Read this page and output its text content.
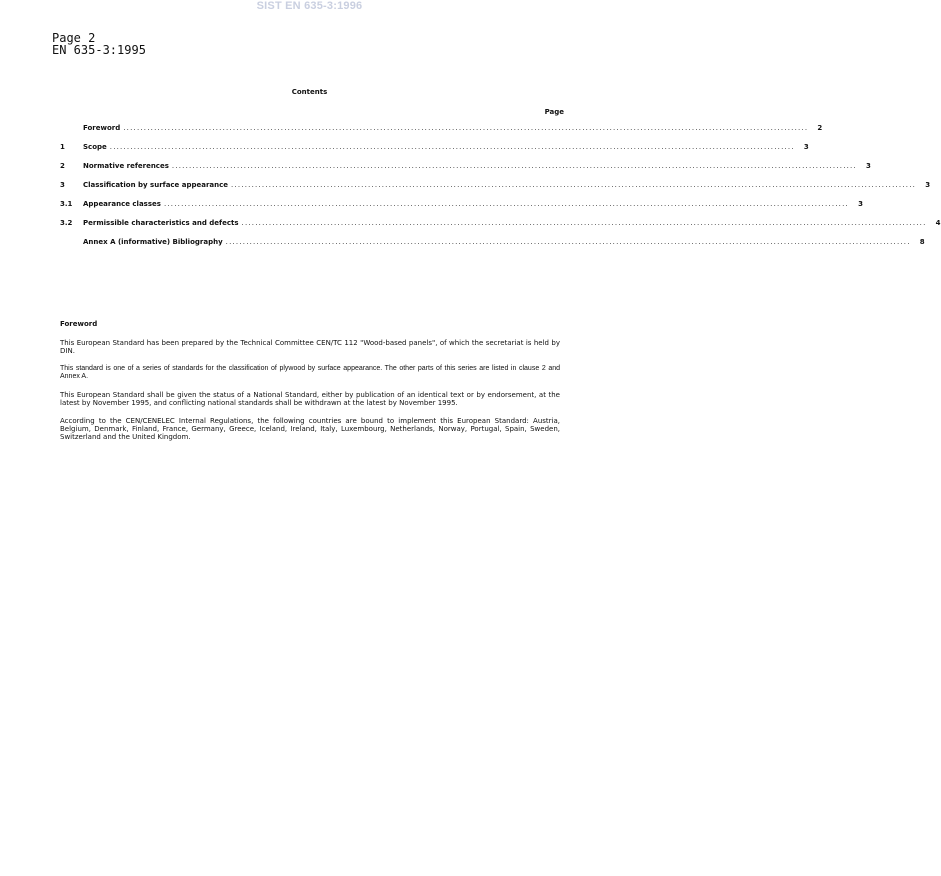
SIST EN 635-3:1996
Page 2
EN 635-3:1995
Contents
Page
Foreword ........................................................................................................................................................................................................	2
1	Scope ........................................................................................................................................................................................................	3
2	Normative references ........................................................................................................................................................................................................	3
3	Classification by surface appearance ........................................................................................................................................................................................................	3
3.1	Appearance classes ........................................................................................................................................................................................................	3
3.2	Permissible characteristics and defects ........................................................................................................................................................................................................	4
Annex A (informative) Bibliography ........................................................................................................................................................................................................	8
Foreword

This European Standard has been prepared by the Technical Committee CEN/TC 112 "Wood-based panels", of which the secretariat is held by DIN.

This standard is one of a series of standards for the classification of plywood by surface appearance. The other parts of this series are listed in clause 2 and Annex A.

This European Standard shall be given the status of a National Standard, either by publication of an identical text or by endorsement, at the latest by November 1995, and conflicting national standards shall be withdrawn at the latest by November 1995.

According to the CEN/CENELEC Internal Regulations, the following countries are bound to implement this European Standard: Austria, Belgium, Denmark, Finland, France, Germany, Greece, Iceland, Ireland, Italy, Luxembourg, Netherlands, Norway, Portugal, Spain, Sweden, Switzerland and the United Kingdom.
